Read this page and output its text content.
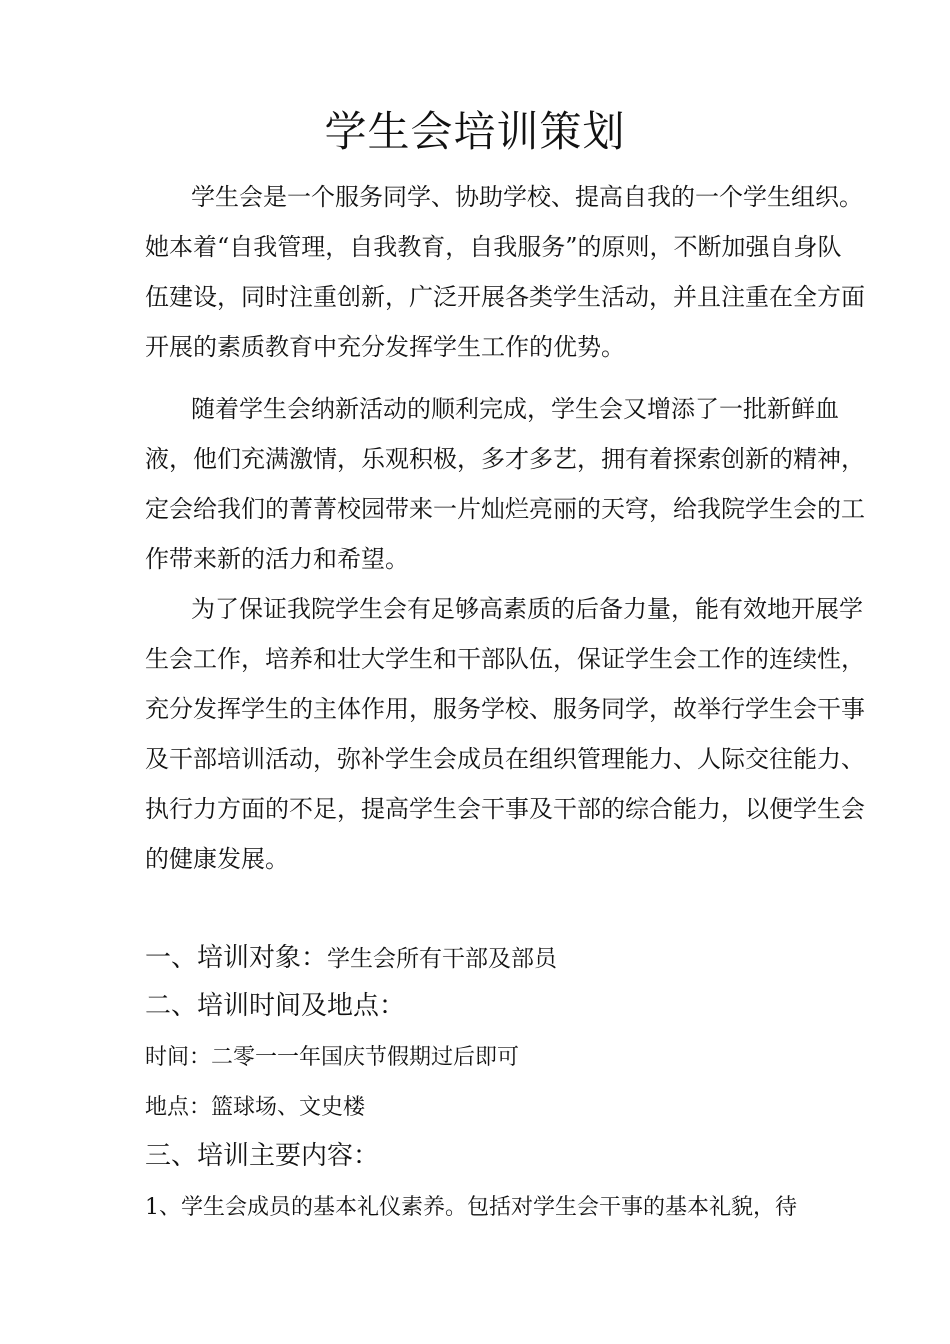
学生会培训策划

学生会是一个服务同学、协助学校、提高自我的一个学生组织。
她本着“自我管理，自我教育，自我服务”的原则，不断加强自身队
伍建设，同时注重创新，广泛开展各类学生活动，并且注重在全方面
开展的素质教育中充分发挥学生工作的优势。

随着学生会纳新活动的顺利完成，学生会又增添了一批新鲜血
液，他们充满激情，乐观积极，多才多艺，拥有着探索创新的精神，
定会给我们的菁菁校园带来一片灿烂亮丽的天穹，给我院学生会的工
作带来新的活力和希望。

为了保证我院学生会有足够高素质的后备力量，能有效地开展学
生会工作，培养和壮大学生和干部队伍，保证学生会工作的连续性，
充分发挥学生的主体作用，服务学校、服务同学，故举行学生会干事
及干部培训活动，弥补学生会成员在组织管理能力、人际交往能力、
执行力方面的不足，提高学生会干事及干部的综合能力，以便学生会
的健康发展。

一、培训对象：学生会所有干部及部员

二、培训时间及地点：

时间：二零一一年国庆节假期过后即可

地点：篮球场、文史楼

三、培训主要内容：

1、学生会成员的基本礼仪素养。包括对学生会干事的基本礼貌，待
